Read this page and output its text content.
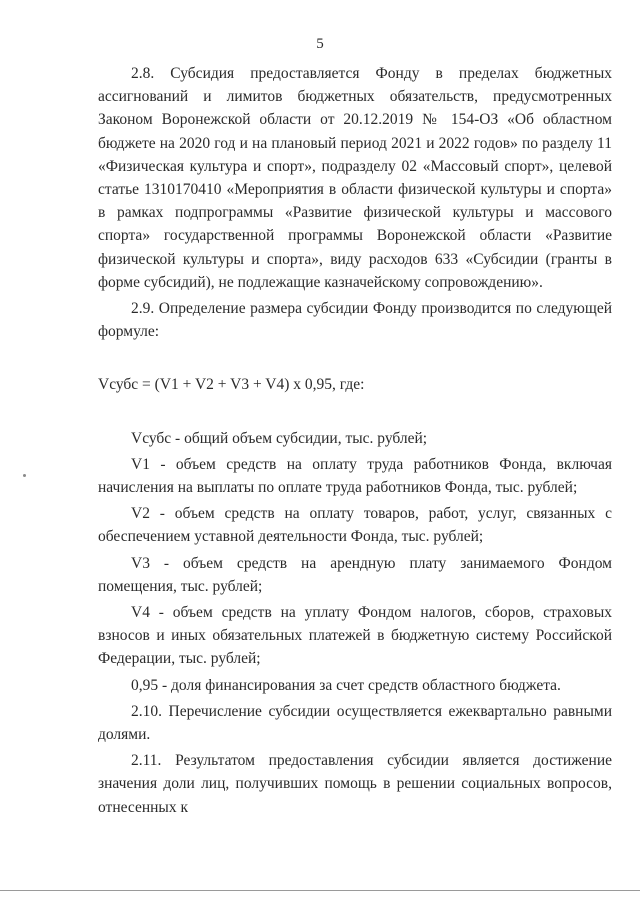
5

2.8. Субсидия предоставляется Фонду в пределах бюджетных ассигнований и лимитов бюджетных обязательств, предусмотренных Законом Воронежской области от 20.12.2019 № 154-ОЗ «Об областном бюджете на 2020 год и на плановый период 2021 и 2022 годов» по разделу 11 «Физическая культура и спорт», подразделу 02 «Массовый спорт», целевой статье 1310170410 «Мероприятия в области физической культуры и спорта» в рамках подпрограммы «Развитие физической культуры и массового спорта» государственной программы Воронежской области «Развитие физической культуры и спорта», виду расходов 633 «Субсидии (гранты в форме субсидий), не подлежащие казначейскому сопровождению».

2.9. Определение размера субсидии Фонду производится по следующей формуле:

Vсубс = (V1 + V2 + V3 + V4) х 0,95, где:

Vсубс - общий объем субсидии, тыс. рублей;

V1 - объем средств на оплату труда работников Фонда, включая начисления на выплаты по оплате труда работников Фонда, тыс. рублей;

V2 - объем средств на оплату товаров, работ, услуг, связанных с обеспечением уставной деятельности Фонда, тыс. рублей;

V3 - объем средств на арендную плату занимаемого Фондом помещения, тыс. рублей;

V4 - объем средств на уплату Фондом налогов, сборов, страховых взносов и иных обязательных платежей в бюджетную систему Российской Федерации, тыс. рублей;

0,95 - доля финансирования за счет средств областного бюджета.

2.10. Перечисление субсидии осуществляется ежеквартально равными долями.

2.11. Результатом предоставления субсидии является достижение значения доли лиц, получивших помощь в решении социальных вопросов, отнесенных к
